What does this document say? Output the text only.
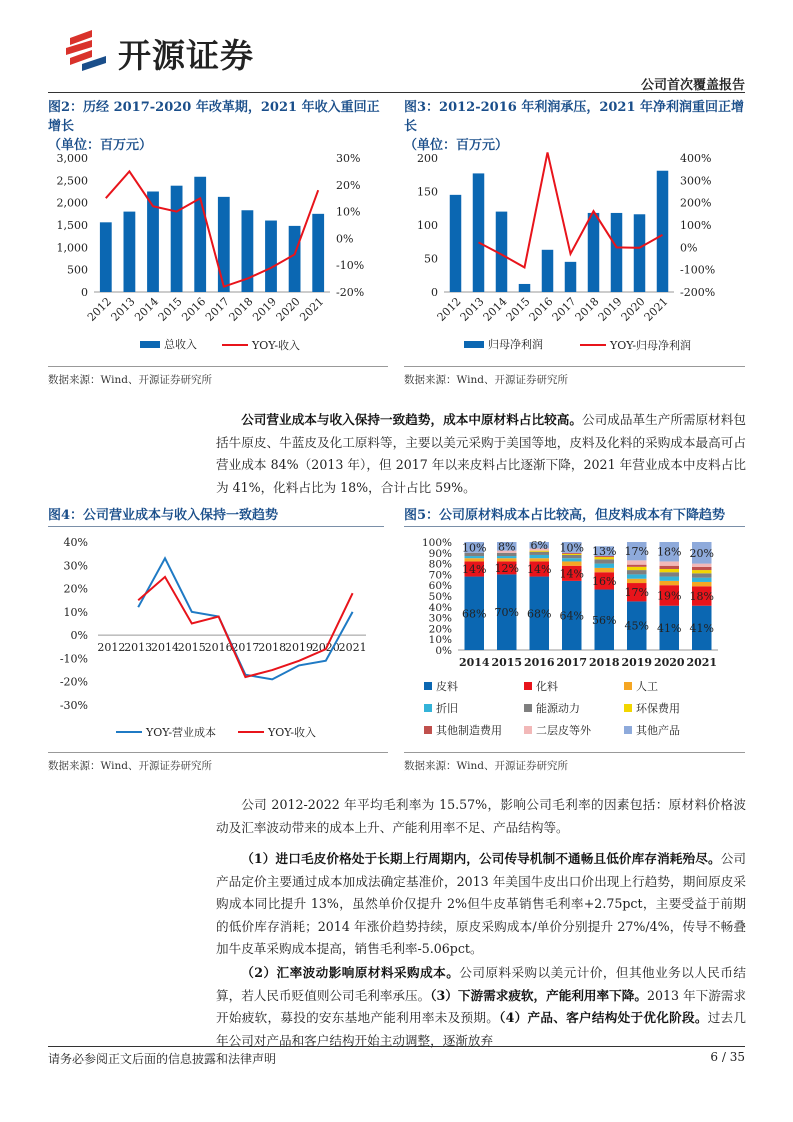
开源证券
公司首次覆盖报告
图2：历经 2017-2020 年改革期，2021 年收入重回正增长
（单位：百万元）
0
500
1,000
1,500
2,000
2,500
3,000
-20%
-10%
0%
10%
20%
30%
2012
2013
2014
2015
2016
2017
2018
2019
2020
2021
总收入	YOY-收入
数据来源：Wind、开源证券研究所
图3：2012-2016 年利润承压，2021 年净利润重回正增长
（单位：百万元）
0
50
100
150
200
-200%
-100%
0%
100%
200%
300%
400%
2012
2013
2014
2015
2016
2017
2018
2019
2020
2021
归母净利润	YOY-归母净利润
数据来源：Wind、开源证券研究所
公司营业成本与收入保持一致趋势，成本中原材料占比较高。公司成品革生产所需原材料包括牛原皮、牛蓝皮及化工原料等，主要以美元采购于美国等地，皮料及化料的采购成本最高可占营业成本 84%（2013 年），但 2017 年以来皮料占比逐渐下降，2021 年营业成本中皮料占比为 41%，化料占比为 18%，合计占比 59%。
图4：公司营业成本与收入保持一致趋势
-30%
-20%
-10%
0%
10%
20%
30%
40%
2012
2013
2014
2015
2016
2017
2018
2019
2020
2021
YOY-营业成本	YOY-收入
数据来源：Wind、开源证券研究所
图5：公司原材料成本占比较高，但皮料成本有下降趋势
0%
10%
20%
30%
40%
50%
60%
70%
80%
90%
100%
68%
14%
10%
2014
70%
12%
8%
2015
68%
14%
6%
2016
64%
14%
10%
2017
56%
16%
13%
2018
45%
17%
17%
2019
41%
19%
18%
2020
41%
18%
20%
2021
皮料	化料	人工
折旧	能源动力	环保费用
其他制造费用	二层皮等外	其他产品
数据来源：Wind、开源证券研究所
公司 2012-2022 年平均毛利率为 15.57%，影响公司毛利率的因素包括：原材料价格波动及汇率波动带来的成本上升、产能利用率不足、产品结构等。
（1）进口毛皮价格处于长期上行周期内，公司传导机制不通畅且低价库存消耗殆尽。公司产品定价主要通过成本加成法确定基准价，2013 年美国牛皮出口价出现上行趋势，期间原皮采购成本同比提升 13%，虽然单价仅提升 2%但牛皮革销售毛利率+2.75pct，主要受益于前期的低价库存消耗；2014 年涨价趋势持续，原皮采购成本/单价分别提升 27%/4%，传导不畅叠加牛皮革采购成本提高，销售毛利率-5.06pct。
（2）汇率波动影响原材料采购成本。公司原料采购以美元计价，但其他业务以人民币结算，若人民币贬值则公司毛利率承压。（3）下游需求疲软，产能利用率下降。2013 年下游需求开始疲软，募投的安东基地产能利用率未及预期。（4）产品、客户结构处于优化阶段。过去几年公司对产品和客户结构开始主动调整，逐渐放弃
请务必参阅正文后面的信息披露和法律声明	6 / 35
